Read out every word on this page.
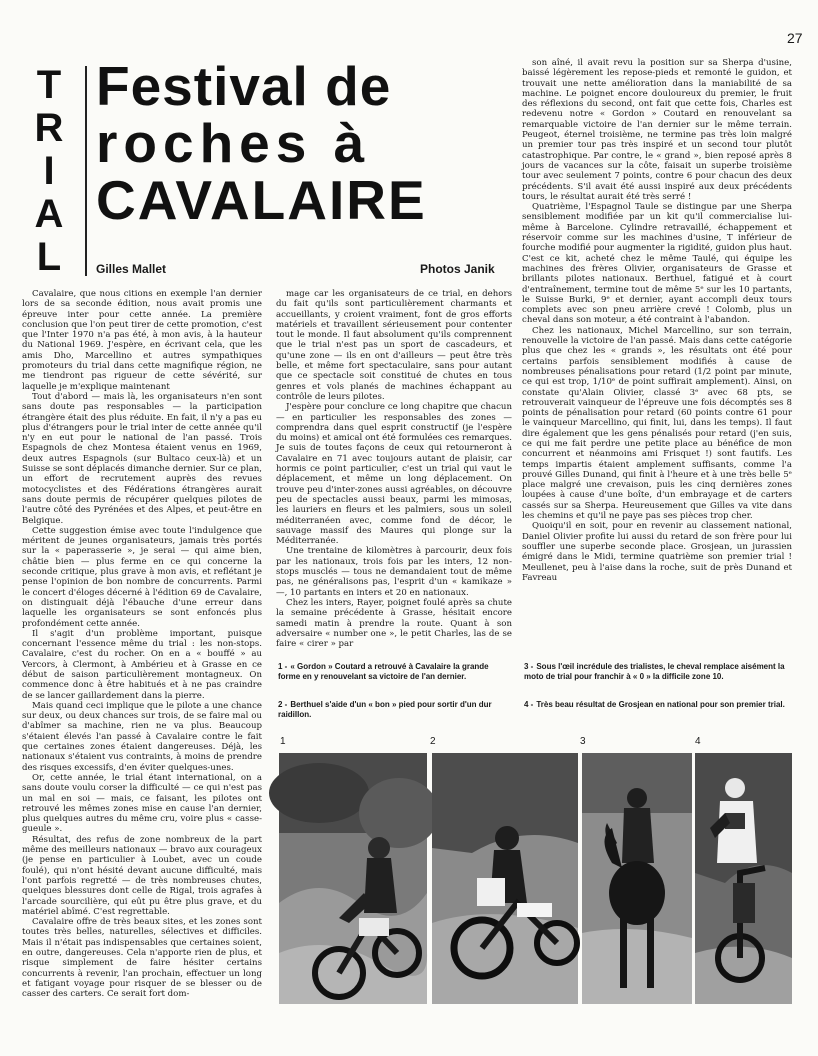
27
T
R
I
A
L
Festival de
roches à
CAVALAIRE
Gilles Mallet	Photos Janik

Cavalaire, que nous citions en exemple l'an dernier lors de sa seconde édition, nous avait promis une épreuve inter pour cette année. La première conclusion que l'on peut tirer de cette promotion, c'est que l'Inter 1970 n'a pas été, à mon avis, à la hauteur du National 1969. J'espère, en écrivant cela, que les amis Dho, Marcellino et autres sympathiques promoteurs du trial dans cette magnifique région, ne me tiendront pas rigueur de cette sévérité, sur laquelle je m'explique maintenant

Tout d'abord — mais là, les organisateurs n'en sont sans doute pas responsables — la participation étrangère était des plus réduite. En fait, il n'y a pas eu plus d'étrangers pour le trial inter de cette année qu'il n'y en eut pour le national de l'an passé. Trois Espagnols de chez Montesa étaient venus en 1969, deux autres Espagnols (sur Bultaco ceux-là) et un Suisse se sont déplacés dimanche dernier. Sur ce plan, un effort de recrutement auprès des revues motocyclistes et des Fédérations étrangères aurait sans doute permis de récupérer quelques pilotes de l'autre côté des Pyrénées et des Alpes, et peut-être en Belgique.

Cette suggestion émise avec toute l'indulgence que méritent de jeunes organisateurs, jamais très portés sur la « paperasserie », je serai — qui aime bien, châtie bien — plus ferme en ce qui concerne la seconde critique, plus grave à mon avis, et reflétant je pense l'opinion de bon nombre de concurrents. Parmi le concert d'éloges décerné à l'édition 69 de Cavalaire, on distinguait déjà l'ébauche d'une erreur dans laquelle les organisateurs se sont enfoncés plus profondément cette année.

Il s'agit d'un problème important, puisque concernant l'essence même du trial : les non-stops. Cavalaire, c'est du rocher. On en a « bouffé » au Vercors, à Clermont, à Ambérieu et à Grasse en ce début de saison particulièrement montagneux. On commence donc à être habitués et à ne pas craindre de se lancer gaillardement dans la pierre.

Mais quand ceci implique que le pilote a une chance sur deux, ou deux chances sur trois, de se faire mal ou d'abîmer sa machine, rien ne va plus. Beaucoup s'étaient élevés l'an passé à Cavalaire contre le fait que certaines zones étaient dangereuses. Déjà, les nationaux s'étaient vus contraints, à moins de prendre des risques excessifs, d'en éviter quelques-unes.

Or, cette année, le trial étant international, on a sans doute voulu corser la difficulté — ce qui n'est pas un mal en soi — mais, ce faisant, les pilotes ont retrouvé les mêmes zones mise en cause l'an dernier, plus quelques autres du même cru, voire plus « casse-gueule ».

Résultat, des refus de zone nombreux de la part même des meilleurs nationaux — bravo aux courageux (je pense en particulier à Loubet, avec un coude foulé), qui n'ont hésité devant aucune difficulté, mais l'ont parfois regretté — de très nombreuses chutes, quelques blessures dont celle de Rigal, trois agrafes à l'arcade sourcilière, qui eût pu être plus grave, et du matériel abîmé. C'est regrettable.

Cavalaire offre de très beaux sites, et les zones sont toutes très belles, naturelles, sélectives et difficiles. Mais il n'était pas indispensables que certaines soient, en outre, dangereuses. Cela n'apporte rien de plus, et risque simplement de faire hésiter certains concurrents à revenir, l'an prochain, effectuer un long et fatigant voyage pour risquer de se blesser ou de casser des carters. Ce serait fort dom-

mage car les organisateurs de ce trial, en dehors du fait qu'ils sont particulièrement charmants et accueillants, y croient vraiment, font de gros efforts matériels et travaillent sérieusement pour contenter tout le monde. Il faut absolument qu'ils comprennent que le trial n'est pas un sport de cascadeurs, et qu'une zone — ils en ont d'ailleurs — peut être très belle, et même fort spectaculaire, sans pour autant que ce spectacle soit constitué de chutes en tous genres et vols planés de machines échappant au contrôle de leurs pilotes.

J'espère pour conclure ce long chapitre que chacun — en particulier les responsables des zones — comprendra dans quel esprit constructif (je l'espère du moins) et amical ont été formulées ces remarques. Je suis de toutes façons de ceux qui retourneront à Cavalaire en 71 avec toujours autant de plaisir, car hormis ce point particulier, c'est un trial qui vaut le déplacement, et même un long déplacement. On trouve peu d'inter-zones aussi agréables, on découvre peu de spectacles aussi beaux, parmi les mimosas, les lauriers en fleurs et les palmiers, sous un soleil méditerranéen avec, comme fond de décor, le sauvage massif des Maures qui plonge sur la Méditerranée.

Une trentaine de kilomètres à parcourir, deux fois par les nationaux, trois fois par les inters, 12 non-stops musclés — tous ne demandaient tout de même pas, ne généralisons pas, l'esprit d'un « kamikaze » —, 10 partants en inters et 20 en nationaux.

Chez les inters, Rayer, poignet foulé après sa chute la semaine précédente à Grasse, hésitait encore samedi matin à prendre la route. Quant à son adversaire « number one », le petit Charles, las de se faire « cirer » par

son aîné, il avait revu la position sur sa Sherpa d'usine, baissé légèrement les repose-pieds et remonté le guidon, et trouvait une nette amélioration dans la maniabilité de sa machine. Le poignet encore douloureux du premier, le fruit des réflexions du second, ont fait que cette fois, Charles est redevenu notre « Gordon » Coutard en renouvelant sa remarquable victoire de l'an dernier sur le même terrain. Peugeot, éternel troisième, ne termine pas très loin malgré un premier tour pas très inspiré et un second tour plutôt catastrophique. Par contre, le « grand », bien reposé après 8 jours de vacances sur la côte, faisait un superbe troisième tour avec seulement 7 points, contre 6 pour chacun des deux précédents. S'il avait été aussi inspiré aux deux précédents tours, le résultat aurait été très serré !

Quatrième, l'Espagnol Taule se distingue par une Sherpa sensiblement modifiée par un kit qu'il commercialise lui-même à Barcelone. Cylindre retravaillé, échappement et réservoir comme sur les machines d'usine, T inférieur de fourche modifié pour augmenter la rigidité, guidon plus haut. C'est ce kit, acheté chez le même Taulé, qui équipe les machines des frères Olivier, organisateurs de Grasse et brillants pilotes nationaux. Berthuel, fatigué et à court d'entraînement, termine tout de même 5ᵉ sur les 10 partants, le Suisse Burki, 9ᵉ et dernier, ayant accompli deux tours complets avec son pneu arrière crevé ! Colomb, plus un cheval dans son moteur, a été contraint à l'abandon.

Chez les nationaux, Michel Marcellino, sur son terrain, renouvelle la victoire de l'an passé. Mais dans cette catégorie plus que chez les « grands », les résultats ont été pour certains parfois sensiblement modifiés à cause de nombreuses pénalisations pour retard (1/2 point par minute, ce qui est trop, 1/10ᵉ de point suffirait amplement). Ainsi, on constate qu'Alain Olivier, classé 3ᵉ avec 68 pts, se retrouverait vainqueur de l'épreuve une fois décomptés ses 8 points de pénalisation pour retard (60 points contre 61 pour le vainqueur Marcellino, qui finit, lui, dans les temps). Il faut dire également que les gens pénalisés pour retard (j'en suis, ce qui me fait perdre une petite place au bénéfice de mon concurrent et néanmoins ami Frisquet !) sont fautifs. Les temps impartis étaient amplement suffisants, comme l'a prouvé Gilles Dunand, qui finit à l'heure et à une très belle 5ᵉ place malgré une crevaison, puis les cinq dernières zones loupées à cause d'une boîte, d'un embrayage et de carters cassés sur sa Sherpa. Heureusement que Gilles va vite dans les chemins et qu'il ne paye pas ses pièces trop cher.

Quoiqu'il en soit, pour en revenir au classement national, Daniel Olivier profite lui aussi du retard de son frère pour lui souffler une superbe seconde place. Grosjean, un jurassien émigré dans le Midi, termine quatrième son premier trial ! Meullenet, peu à l'aise dans la roche, suit de près Dunand et Favreau

1 - « Gordon » Coutard a retrouvé à Cavalaire la grande forme en y renouvelant sa victoire de l'an dernier.
2 - Berthuel s'aide d'un « bon » pied pour sortir d'un dur raidillon.
3 - Sous l'œil incrédule des trialistes, le cheval remplace aisément la moto de trial pour franchir à « 0 » la difficile zone 10.
4 - Très beau résultat de Grosjean en national pour son premier trial.
1	2	3	4
